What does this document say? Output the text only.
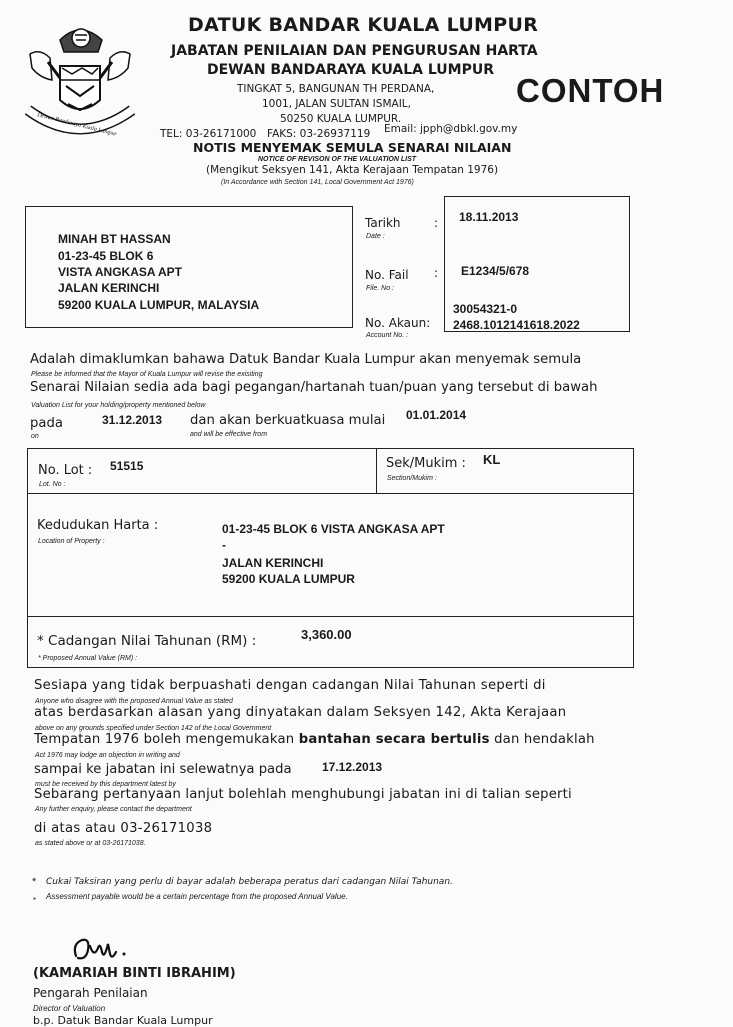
Dewan Bandaraya Kuala Lumpur
DATUK BANDAR KUALA LUMPUR
JABATAN PENILAIAN DAN PENGURUSAN HARTA
DEWAN BANDARAYA KUALA LUMPUR
TINGKAT 5, BANGUNAN TH PERDANA,
1001, JALAN SULTAN ISMAIL,
50250 KUALA LUMPUR.
TEL: 03-26171000 FAKS: 03-26937119 Email: jpph@dbkl.gov.my
CONTOH
NOTIS MENYEMAK SEMULA SENARAI NILAIAN
NOTICE OF REVISON OF THE VALUATION LIST
(Mengikut Seksyen 141, Akta Kerajaan Tempatan 1976)
(In Accordance with Section 141, Local Government Act 1976)
MINAH BT HASSAN
01-23-45 BLOK 6
VISTA ANGKASA APT
JALAN KERINCHI
59200 KUALA LUMPUR, MALAYSIA
Tarikh
Date :
: 18.11.2013
No. Fail
File. No :
: E1234/5/678
No. Akaun:
Account No. :
30054321-0
2468.1012141618.2022
Adalah dimaklumkan bahawa Datuk Bandar Kuala Lumpur akan menyemak semula
Please be informed that the Mayor of Kuala Lumpur will revise the exisiting
Senarai Nilaian sedia ada bagi pegangan/hartanah tuan/puan yang tersebut di bawah
Valuation List for your holding/property mentioned below
pada
on
31.12.2013 dan akan berkuatkuasa mulai
and will be effective from
01.01.2014
No. Lot :
Lot. No :
51515	Sek/Mukim :
Section/Mukim :
KL
Kedudukan Harta :
Location of Property :
01-23-45 BLOK 6 VISTA ANGKASA APT
-
JALAN KERINCHI
59200 KUALA LUMPUR
* Cadangan Nilai Tahunan (RM) :
* Proposed Annual Value (RM) :
3,360.00
Sesiapa yang tidak berpuashati dengan cadangan Nilai Tahunan seperti di
Anyone who disagree with the proposed Annual Value as stated
atas berdasarkan alasan yang dinyatakan dalam Seksyen 142, Akta Kerajaan
above on any grounds specified under Section 142 of the Local Government
Tempatan 1976 boleh mengemukakan bantahan secara bertulis dan hendaklah
Act 1976 may lodge an objection in writing and
sampai ke jabatan ini selewatnya pada	17.12.2013
must be received by this department latest by
Sebarang pertanyaan lanjut bolehlah menghubungi jabatan ini di talian seperti
Any further enquiry, please contact the department
di atas atau 03-26171038
as stated above or at 03-26171038.
* Cukai Taksiran yang perlu di bayar adalah beberapa peratus dari cadangan Nilai Tahunan.
* Assessment payable would be a certain percentage from the proposed Annual Value.
(KAMARIAH BINTI IBRAHIM)
Pengarah Penilaian
Director of Valuation
b.p. Datuk Bandar Kuala Lumpur
